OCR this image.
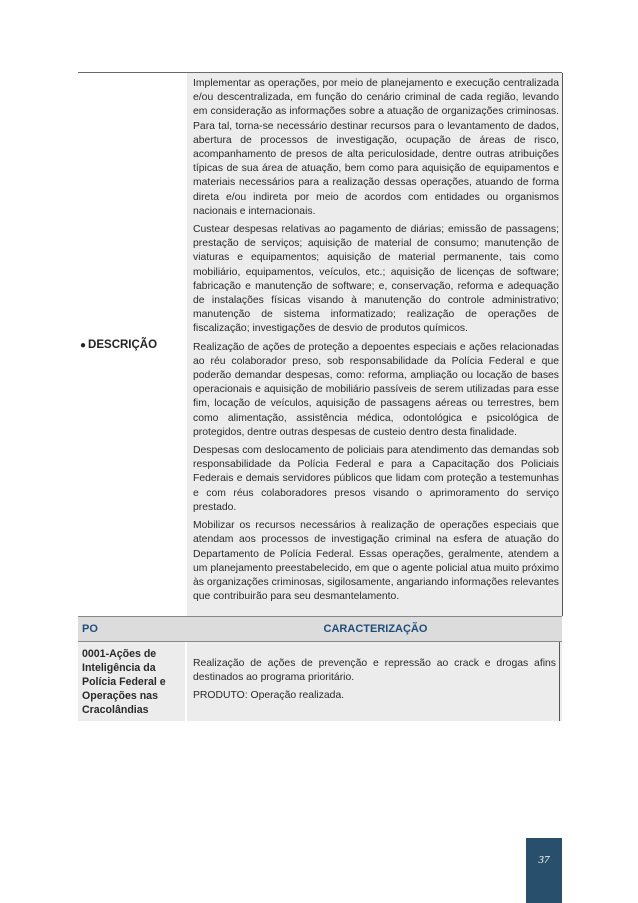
● DESCRIÇÃO

Implementar as operações, por meio de planejamento e execução centralizada e/ou descentralizada, em função do cenário criminal de cada região, levando em consideração as informações sobre a atuação de organizações criminosas. Para tal, torna-se necessário destinar recursos para o levantamento de dados, abertura de processos de investigação, ocupação de áreas de risco, acompanhamento de presos de alta periculosidade, dentre outras atribuições típicas de sua área de atuação, bem como para aquisição de equipamentos e materiais necessários para a realização dessas operações, atuando de forma direta e/ou indireta por meio de acordos com entidades ou organismos nacionais e internacionais.

Custear despesas relativas ao pagamento de diárias; emissão de passagens; prestação de serviços; aquisição de material de consumo; manutenção de viaturas e equipamentos; aquisição de material permanente, tais como mobiliário, equipamentos, veículos, etc.; aquisição de licenças de software; fabricação e manutenção de software; e, conservação, reforma e adequação de instalações físicas visando à manutenção do controle administrativo; manutenção de sistema informatizado; realização de operações de fiscalização; investigações de desvio de produtos químicos.

Realização de ações de proteção a depoentes especiais e ações relacionadas ao réu colaborador preso, sob responsabilidade da Polícia Federal e que poderão demandar despesas, como: reforma, ampliação ou locação de bases operacionais e aquisição de mobiliário passíveis de serem utilizadas para esse fim, locação de veículos, aquisição de passagens aéreas ou terrestres, bem como alimentação, assistência médica, odontológica e psicológica de protegidos, dentre outras despesas de custeio dentro desta finalidade.

Despesas com deslocamento de policiais para atendimento das demandas sob responsabilidade da Polícia Federal e para a Capacitação dos Policiais Federais e demais servidores públicos que lidam com proteção a testemunhas e com réus colaboradores presos visando o aprimoramento do serviço prestado.

Mobilizar os recursos necessários à realização de operações especiais que atendam aos processos de investigação criminal na esfera de atuação do Departamento de Polícia Federal. Essas operações, geralmente, atendem a um planejamento preestabelecido, em que o agente policial atua muito próximo às organizações criminosas, sigilosamente, angariando informações relevantes que contribuirão para seu desmantelamento.

PO	CARACTERIZAÇÃO
0001-Ações de Inteligência da Polícia Federal e Operações nas Cracolândias

Realização de ações de prevenção e repressão ao crack e drogas afins destinados ao programa prioritário.

PRODUTO: Operação realizada.

37
